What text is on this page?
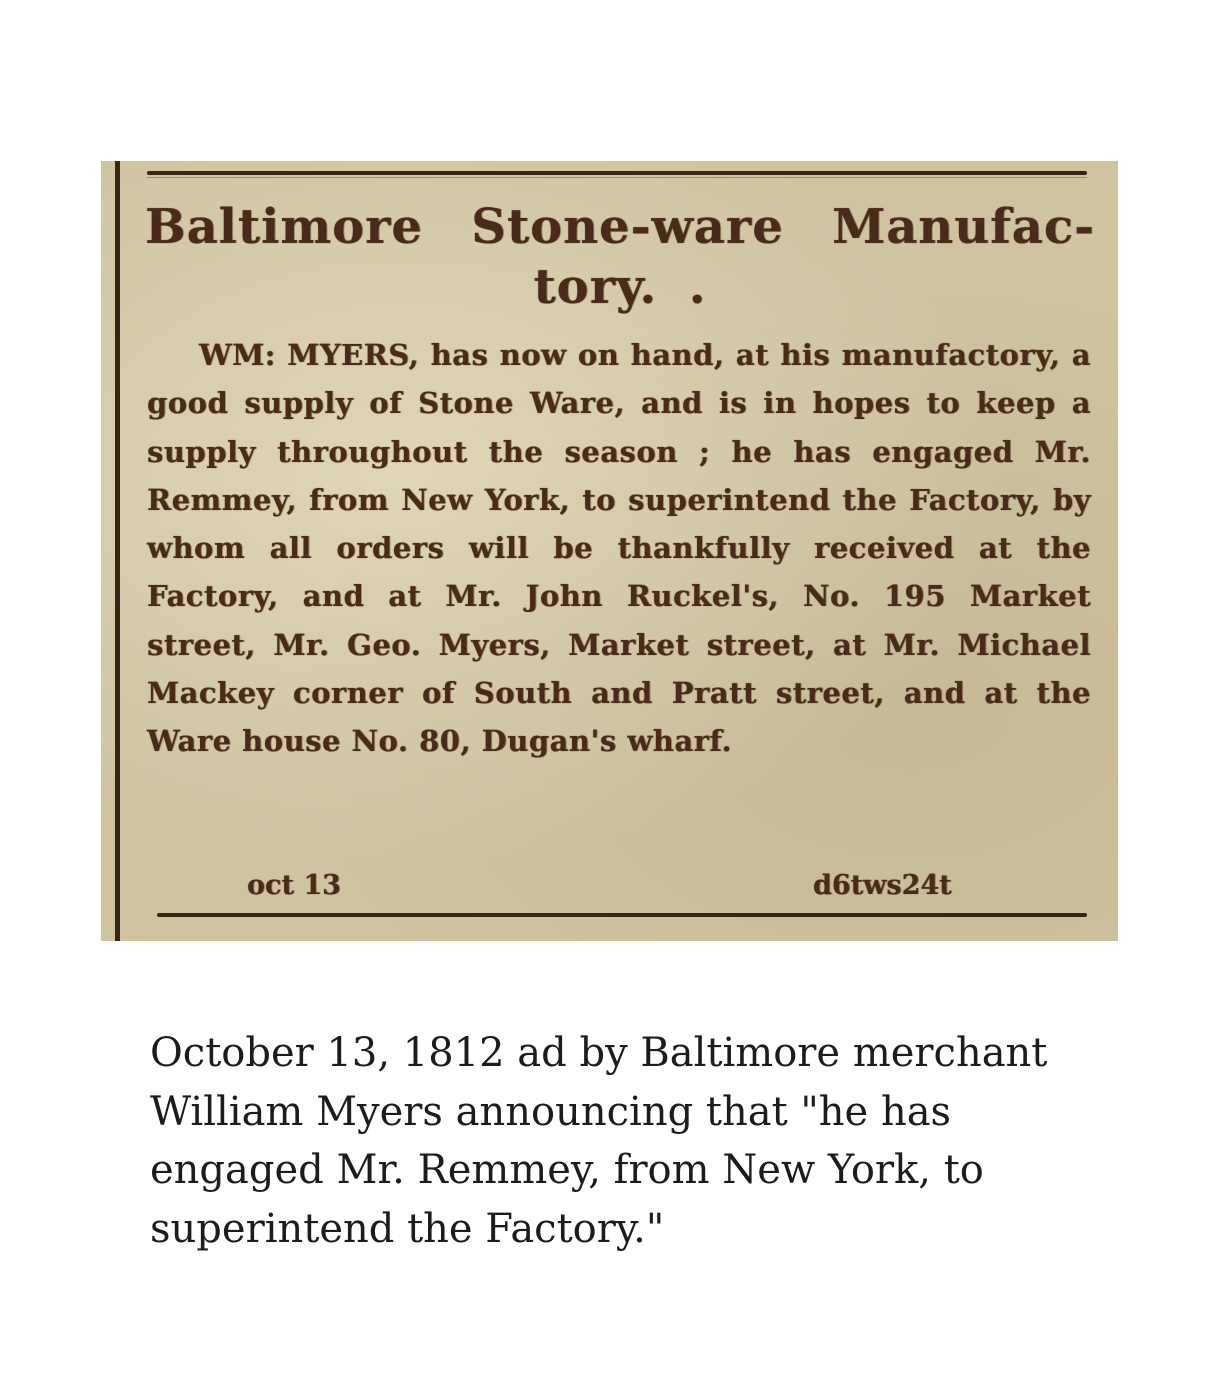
Baltimore Stone-ware Manufac-tory. .

WM: MYERS, has now on hand, at his manufactory, a good supply of Stone Ware, and is in hopes to keep a supply throughout the season ; he has engaged Mr. Remmey, from New York, to superintend the Factory, by whom all orders will be thankfully received at the Factory, and at Mr. John Ruckel's, No. 195 Market street, Mr. Geo. Myers, Market street, at Mr. Michael Mackey corner of South and Pratt street, and at the Ware house No. 80, Dugan's wharf.

oct 13	d6tws24t

October 13, 1812 ad by Baltimore merchant
William Myers announcing that "he has
engaged Mr. Remmey, from New York, to
superintend the Factory."
